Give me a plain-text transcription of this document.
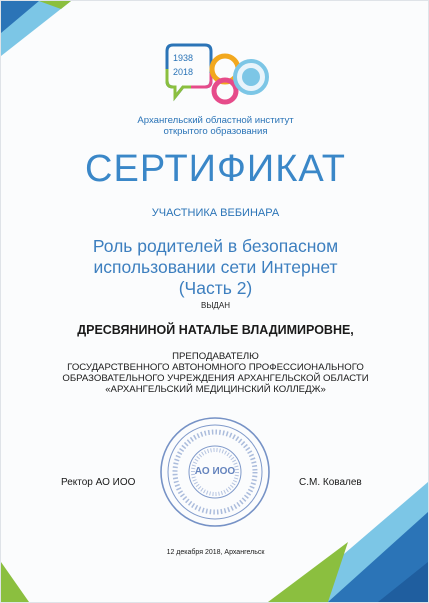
1938
2018
Архангельский областной институт
открытого образования
СЕРТИФИКАТ
УЧАСТНИКА ВЕБИНАРА
Роль родителей в безопасном
использовании сети Интернет
(Часть 2)
ВЫДАН
ДРЕСВЯНИНОЙ НАТАЛЬЕ ВЛАДИМИРОВНЕ,
ПРЕПОДАВАТЕЛЮ
ГОСУДАРСТВЕННОГО АВТОНОМНОГО ПРОФЕССИОНАЛЬНОГО
ОБРАЗОВАТЕЛЬНОГО УЧРЕЖДЕНИЯ АРХАНГЕЛЬСКОЙ ОБЛАСТИ
«АРХАНГЕЛЬСКИЙ МЕДИЦИНСКИЙ КОЛЛЕДЖ»
АО ИОО
Ректор АО ИОО	С.М. Ковалев
12 декабря 2018, Архангельск
